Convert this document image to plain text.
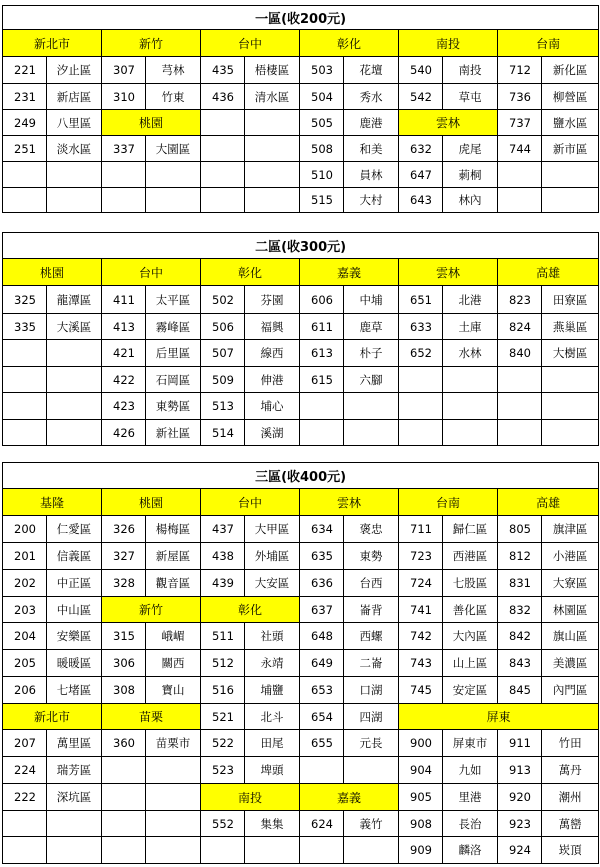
一區(收200元)											
新北市		新竹		台中		彰化		南投		台南	
221	汐止區	307	芎林	435	梧棲區	503	花壇	540	南投	712	新化區
231	新店區	310	竹東	436	清水區	504	秀水	542	草屯	736	柳營區
249	八里區	桃園				505	鹿港	雲林		737	鹽水區
251	淡水區	337	大園區			508	和美	632	虎尾	744	新市區
						510	員林	647	莿桐		
						515	大村	643	林內		
二區(收300元)											
桃園		台中		彰化		嘉義		雲林		高雄	
325	龍潭區	411	太平區	502	芬園	606	中埔	651	北港	823	田寮區
335	大溪區	413	霧峰區	506	福興	611	鹿草	633	土庫	824	燕巢區
		421	后里區	507	線西	613	朴子	652	水林	840	大樹區
		422	石岡區	509	伸港	615	六腳				
		423	東勢區	513	埔心						
		426	新社區	514	溪湖						
三區(收400元)											
基隆		桃園		台中		雲林		台南		高雄	
200	仁愛區	326	楊梅區	437	大甲區	634	褒忠	711	歸仁區	805	旗津區
201	信義區	327	新屋區	438	外埔區	635	東勢	723	西港區	812	小港區
202	中正區	328	觀音區	439	大安區	636	台西	724	七股區	831	大寮區
203	中山區	新竹		彰化		637	崙背	741	善化區	832	林園區
204	安樂區	315	峨嵋	511	社頭	648	西螺	742	大內區	842	旗山區
205	暖暖區	306	關西	512	永靖	649	二崙	743	山上區	843	美濃區
206	七堵區	308	寶山	516	埔鹽	653	口湖	745	安定區	845	內門區
新北市		苗栗		521	北斗	654	四湖	屏東			
207	萬里區	360	苗栗市	522	田尾	655	元長	900	屏東市	911	竹田
224	瑞芳區			523	埤頭			904	九如	913	萬丹
222	深坑區			南投		嘉義		905	里港	920	潮州
				552	集集	624	義竹	908	長治	923	萬巒
								909	麟洛	924	崁頂
